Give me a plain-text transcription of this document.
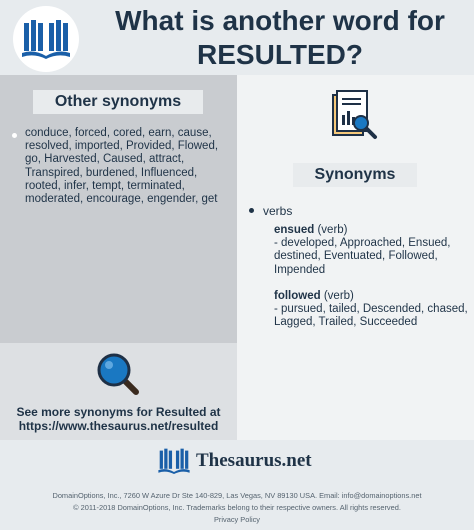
What is another word for
RESULTED?
Other synonyms
conduce, forced, cored, earn, cause, resolved, imported, Provided, Flowed, go, Harvested, Caused, attract, Transpired, burdened, Influenced, rooted, infer, tempt, terminated, moderated, encourage, engender, get
See more synonyms for Resulted at
https://www.thesaurus.net/resulted
Synonyms
verbs
ensued (verb)
- developed, Approached, Ensued, destined, Eventuated, Followed, Impended
followed (verb)
- pursued, tailed, Descended, chased, Lagged, Trailed, Succeeded
Thesaurus.net
DomainOptions, Inc., 7260 W Azure Dr Ste 140-829, Las Vegas, NV 89130 USA. Email: info@domainoptions.net
© 2011-2018 DomainOptions, Inc. Trademarks belong to their respective owners. All rights reserved.
Privacy Policy
